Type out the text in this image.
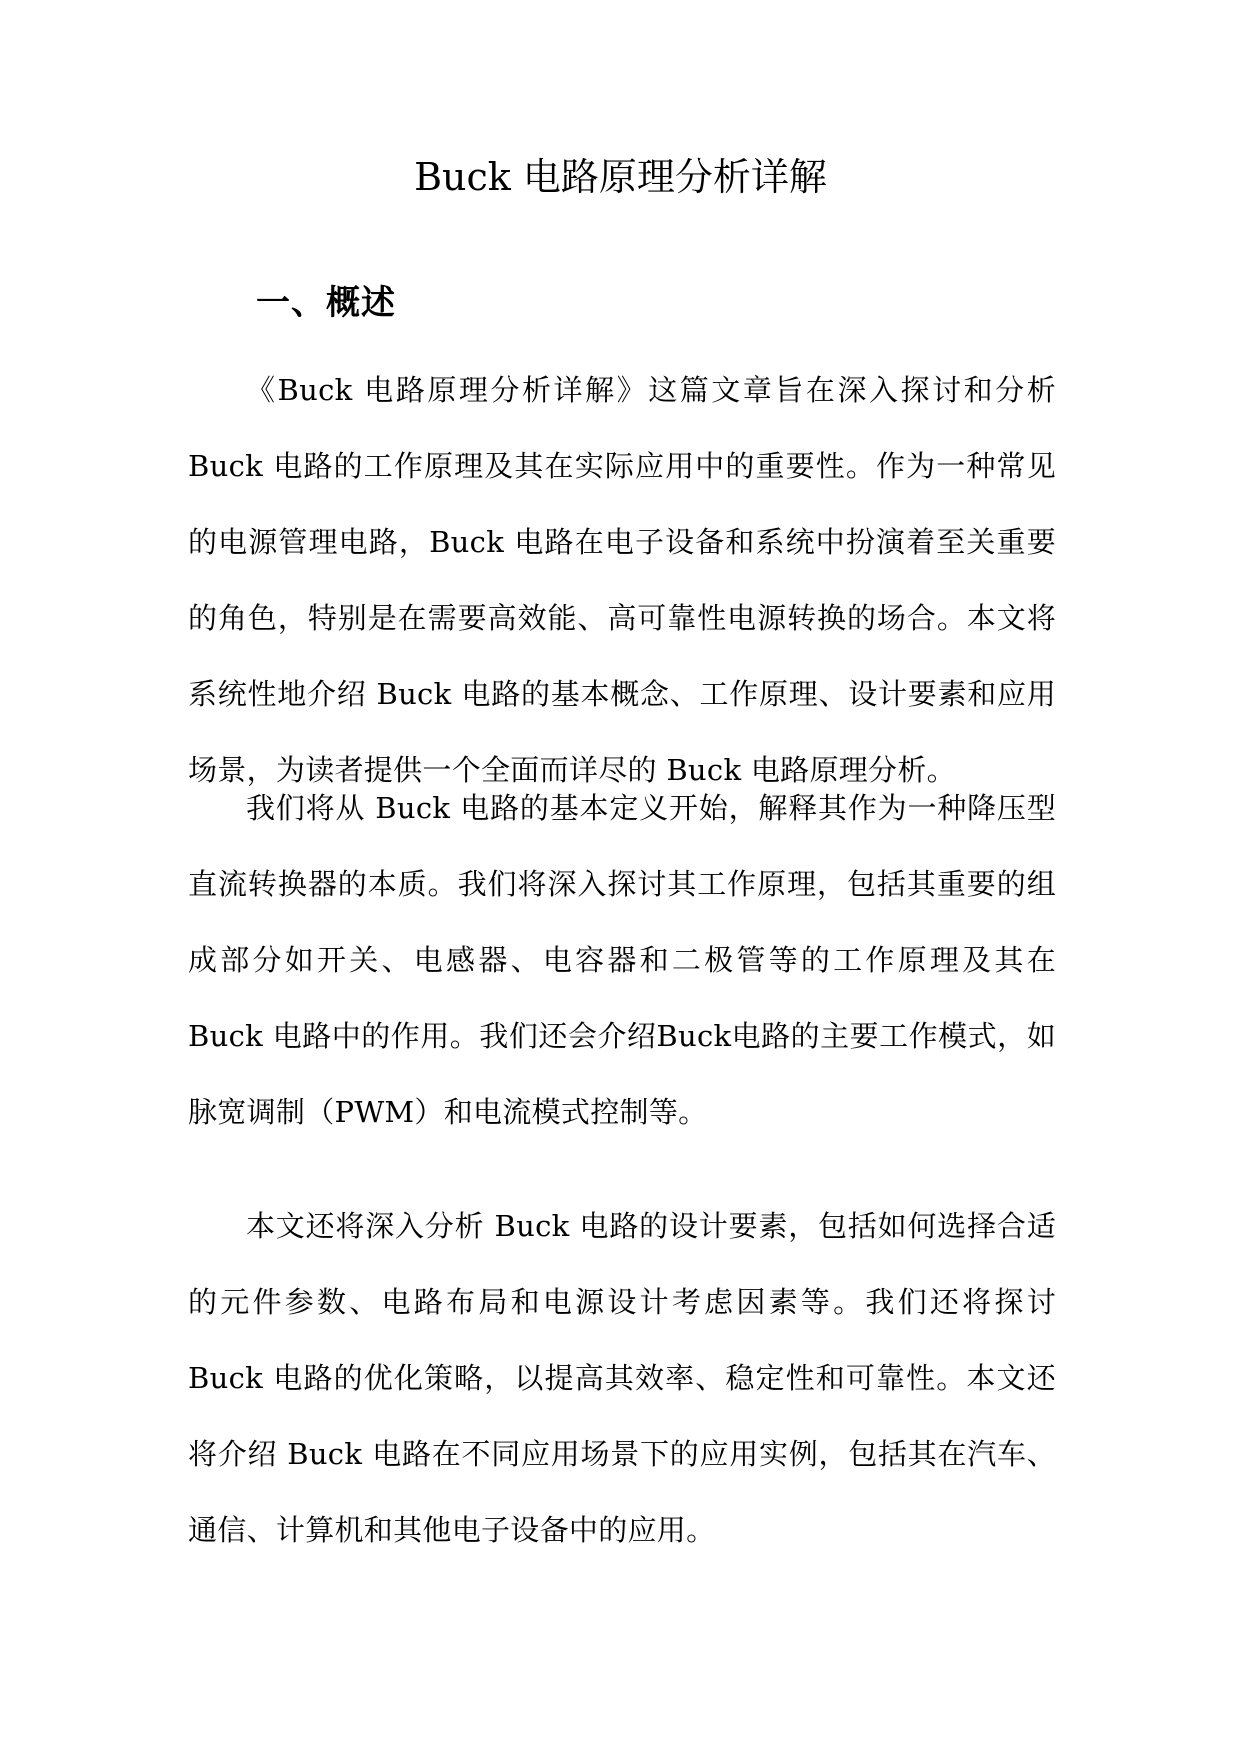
Buck 电路原理分析详解
一、概述

《Buck 电路原理分析详解》这篇文章旨在深入探讨和分析 Buck 电路的工作原理及其在实际应用中的重要性。作为一种常见的电源管理电路，Buck 电路在电子设备和系统中扮演着至关重要的角色，特别是在需要高效能、高可靠性电源转换的场合。本文将系统性地介绍 Buck 电路的基本概念、工作原理、设计要素和应用场景，为读者提供一个全面而详尽的 Buck 电路原理分析。

我们将从 Buck 电路的基本定义开始，解释其作为一种降压型直流转换器的本质。我们将深入探讨其工作原理，包括其重要的组成部分如开关、电感器、电容器和二极管等的工作原理及其在 Buck 电路中的作用。我们还会介绍Buck电路的主要工作模式，如脉宽调制（PWM）和电流模式控制等。

本文还将深入分析 Buck 电路的设计要素，包括如何选择合适的元件参数、电路布局和电源设计考虑因素等。我们还将探讨 Buck 电路的优化策略，以提高其效率、稳定性和可靠性。本文还将介绍 Buck 电路在不同应用场景下的应用实例，包括其在汽车、通信、计算机和其他电子设备中的应用。
